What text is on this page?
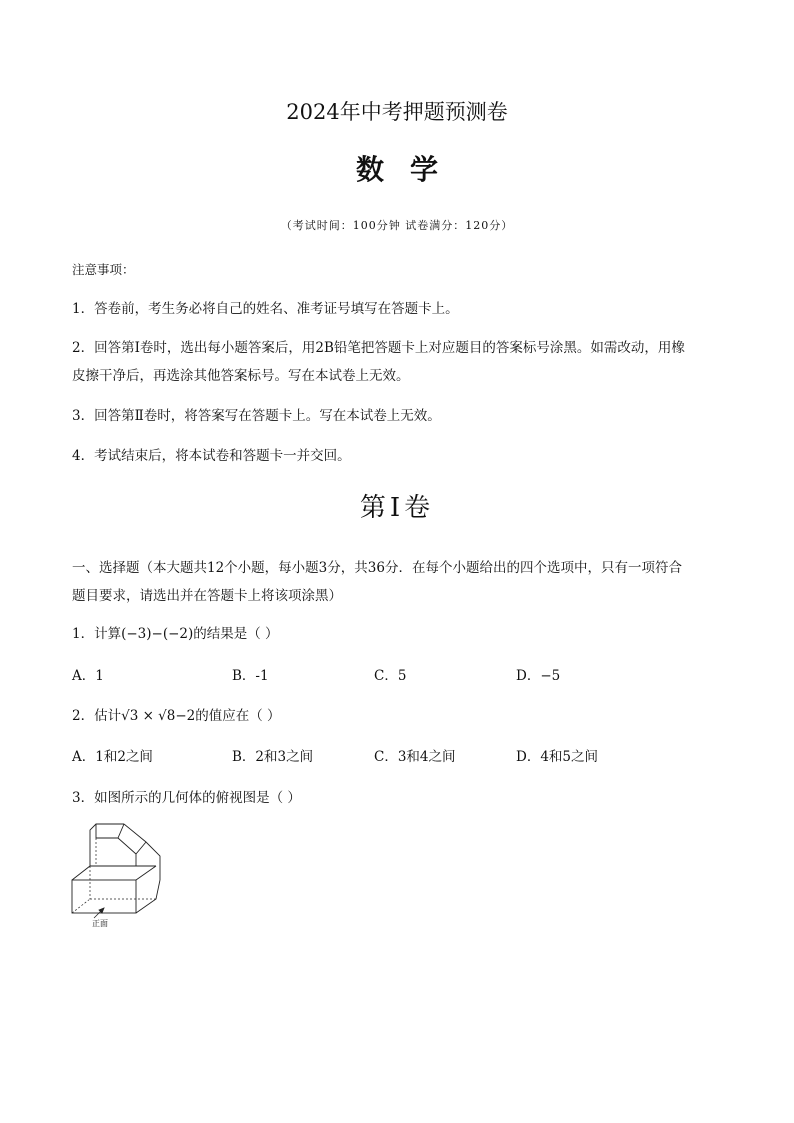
2024年中考押题预测卷
数学
（考试时间：100分钟 试卷满分：120分）
注意事项：
1．答卷前，考生务必将自己的姓名、准考证号填写在答题卡上。
2．回答第Ⅰ卷时，选出每小题答案后，用2B铅笔把答题卡上对应题目的答案标号涂黑。如需改动，用橡
皮擦干净后，再选涂其他答案标号。写在本试卷上无效。
3．回答第Ⅱ卷时，将答案写在答题卡上。写在本试卷上无效。
4．考试结束后，将本试卷和答题卡一并交回。
第Ⅰ卷
一、选择题（本大题共12个小题，每小题3分，共36分．在每个小题给出的四个选项中，只有一项符合
题目要求，请选出并在答题卡上将该项涂黑）
1．计算(−3)−(−2)的结果是（ ）
A．1	B．-1	C．5	D．−5
2．估计√3 × √8−2的值应在（ ）
A．1和2之间	B．2和3之间	C．3和4之间	D．4和5之间
3．如图所示的几何体的俯视图是（ ）
正面
